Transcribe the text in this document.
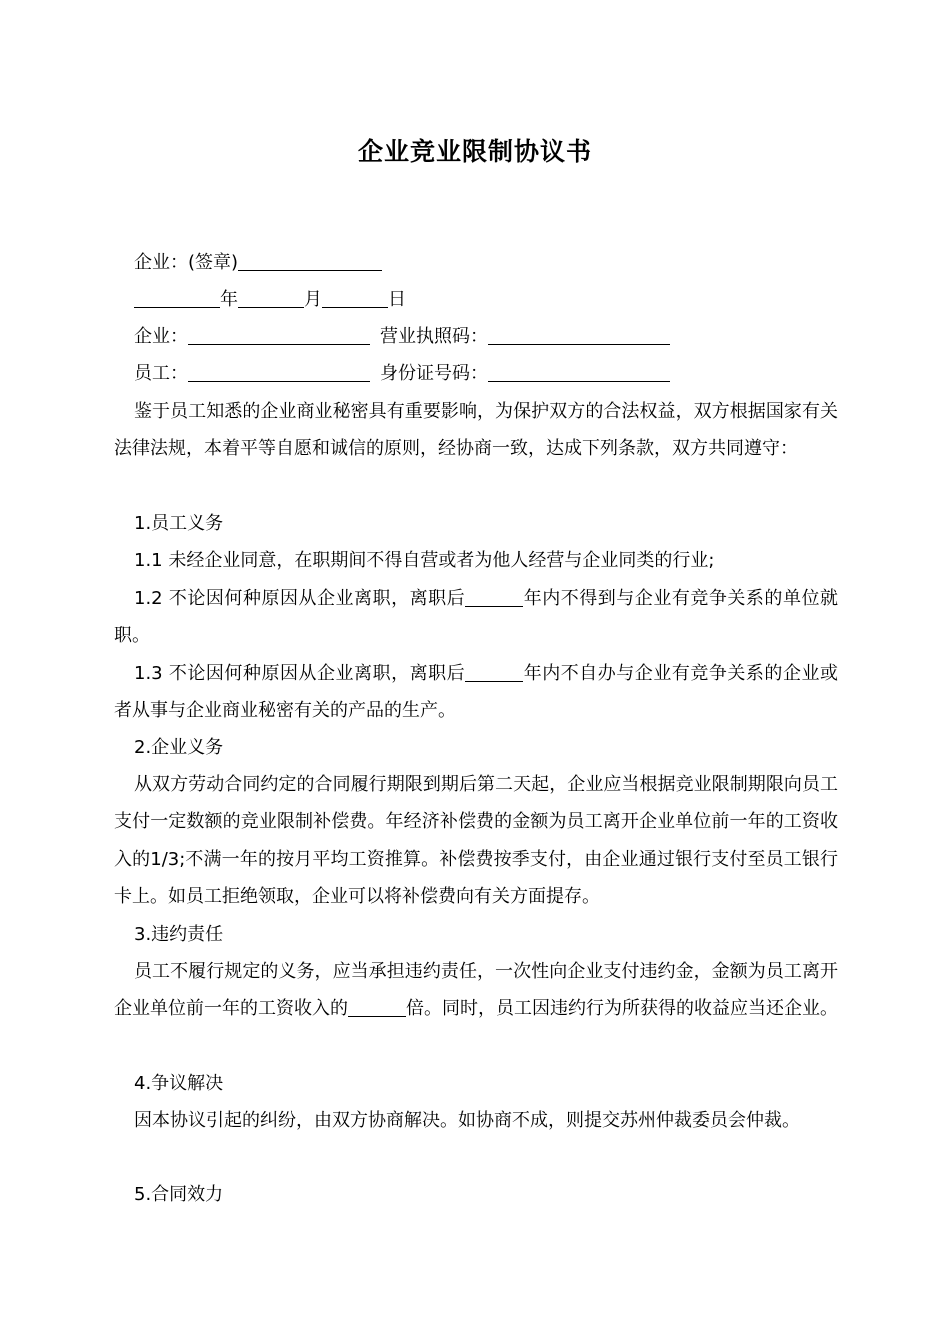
企业竞业限制协议书
企业：(签章)
年	月	日
企业：	营业执照码：
员工：	身份证号码：
鉴于员工知悉的企业商业秘密具有重要影响，为保护双方的合法权益，双方根据国家有关法律法规，本着平等自愿和诚信的原则，经协商一致，达成下列条款，双方共同遵守：
1.员工义务
1.1 未经企业同意，在职期间不得自营或者为他人经营与企业同类的行业;
1.2 不论因何种原因从企业离职，离职后	年内不得到与企业有竞争关系的单位就职。
1.3 不论因何种原因从企业离职，离职后	年内不自办与企业有竞争关系的企业或者从事与企业商业秘密有关的产品的生产。
2.企业义务
从双方劳动合同约定的合同履行期限到期后第二天起，企业应当根据竞业限制期限向员工支付一定数额的竞业限制补偿费。年经济补偿费的金额为员工离开企业单位前一年的工资收入的1/3;不满一年的按月平均工资推算。补偿费按季支付，由企业通过银行支付至员工银行卡上。如员工拒绝领取，企业可以将补偿费向有关方面提存。
3.违约责任
员工不履行规定的义务，应当承担违约责任，一次性向企业支付违约金，金额为员工离开企业单位前一年的工资收入的	倍。同时，员工因违约行为所获得的收益应当还企业。
4.争议解决
因本协议引起的纠纷，由双方协商解决。如协商不成，则提交苏州仲裁委员会仲裁。
5.合同效力
